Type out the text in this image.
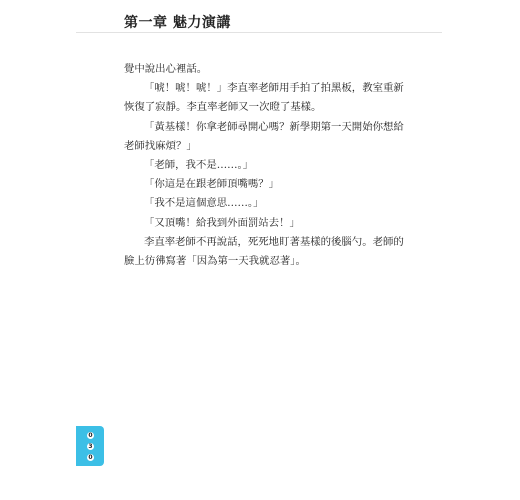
第一章 魅力演講

覺中說出心裡話。

「唬！唬！唬！」李直率老師用手拍了拍黑板，教室重新恢復了寂靜。李直率老師又一次瞪了基樣。

「黃基樣！你拿老師尋開心嗎？新學期第一天開始你想給老師找麻煩？」

「老師，我不是……。」

「你這是在跟老師頂嘴嗎？」

「我不是這個意思……。」

「又頂嘴！給我到外面罰站去！」

李直率老師不再說話，死死地盯著基樣的後腦勺。老師的臉上彷彿寫著「因為第一天我就忍著」。

0
3
0
